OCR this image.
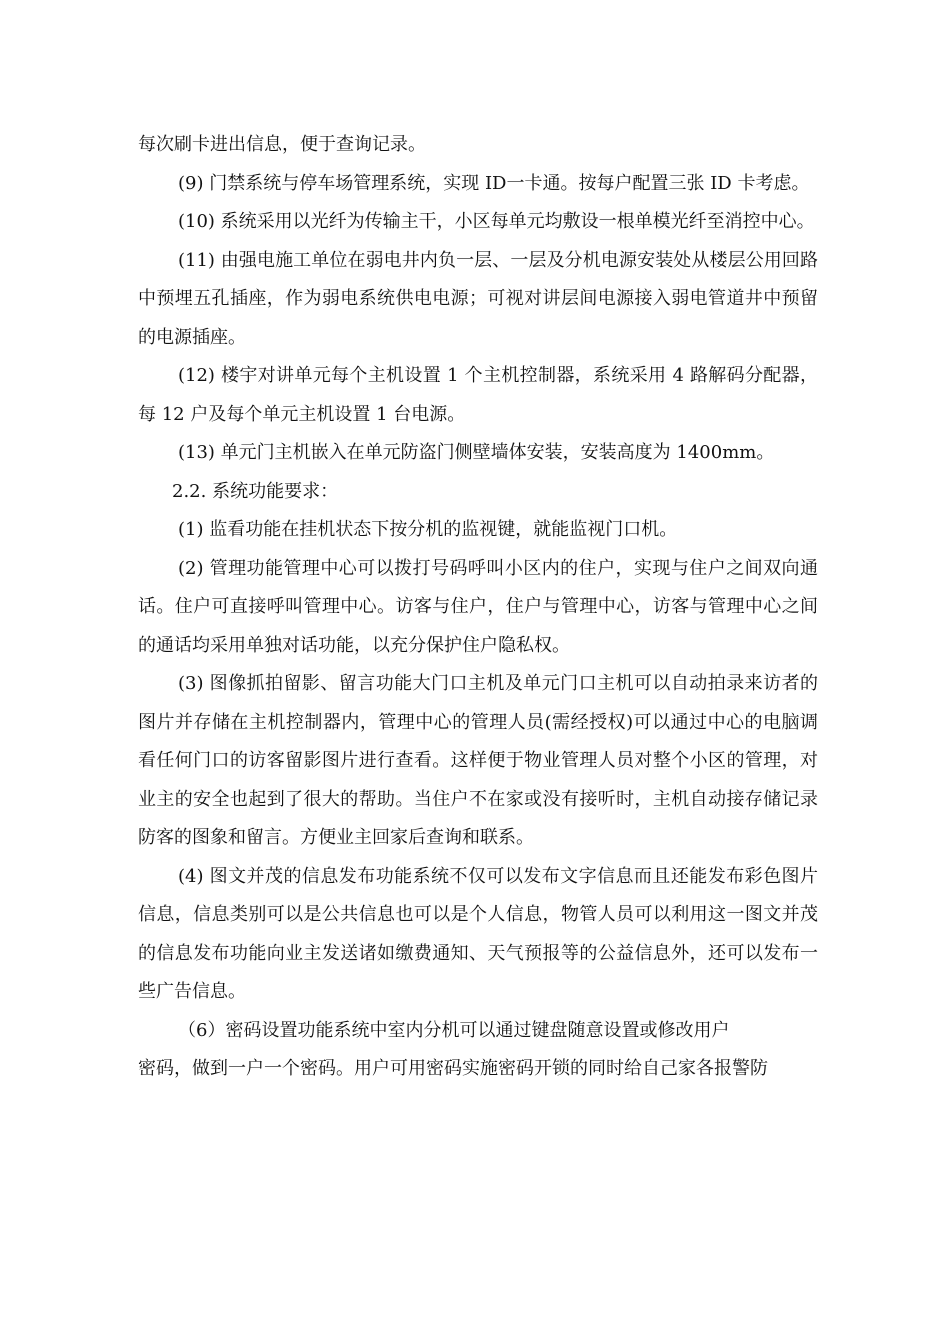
每次刷卡进出信息，便于查询记录。

(9) 门禁系统与停车场管理系统，实现 ID一卡通。按每户配置三张 ID 卡考虑。

(10) 系统采用以光纤为传输主干，小区每单元均敷设一根单模光纤至消控中心。

(11) 由强电施工单位在弱电井内负一层、一层及分机电源安装处从楼层公用回路中预埋五孔插座，作为弱电系统供电电源；可视对讲层间电源接入弱电管道井中预留的电源插座。

(12) 楼宇对讲单元每个主机设置 1 个主机控制器，系统采用 4 路解码分配器，每 12 户及每个单元主机设置 1 台电源。

(13) 单元门主机嵌入在单元防盗门侧壁墙体安装，安装高度为 1400mm。

2.2. 系统功能要求：

(1) 监看功能在挂机状态下按分机的监视键，就能监视门口机。

(2) 管理功能管理中心可以拨打号码呼叫小区内的住户，实现与住户之间双向通话。住户可直接呼叫管理中心。访客与住户，住户与管理中心，访客与管理中心之间的通话均采用单独对话功能，以充分保护住户隐私权。

(3) 图像抓拍留影、留言功能大门口主机及单元门口主机可以自动拍录来访者的图片并存储在主机控制器内，管理中心的管理人员(需经授权)可以通过中心的电脑调看任何门口的访客留影图片进行查看。这样便于物业管理人员对整个小区的管理，对业主的安全也起到了很大的帮助。当住户不在家或没有接听时，主机自动接存储记录防客的图象和留言。方便业主回家后查询和联系。

(4) 图文并茂的信息发布功能系统不仅可以发布文字信息而且还能发布彩色图片信息，信息类别可以是公共信息也可以是个人信息，物管人员可以利用这一图文并茂的信息发布功能向业主发送诸如缴费通知、天气预报等的公益信息外，还可以发布一些广告信息。

（6）密码设置功能系统中室内分机可以通过键盘随意设置或修改用户

密码，做到一户一个密码。用户可用密码实施密码开锁的同时给自己家各报警防
